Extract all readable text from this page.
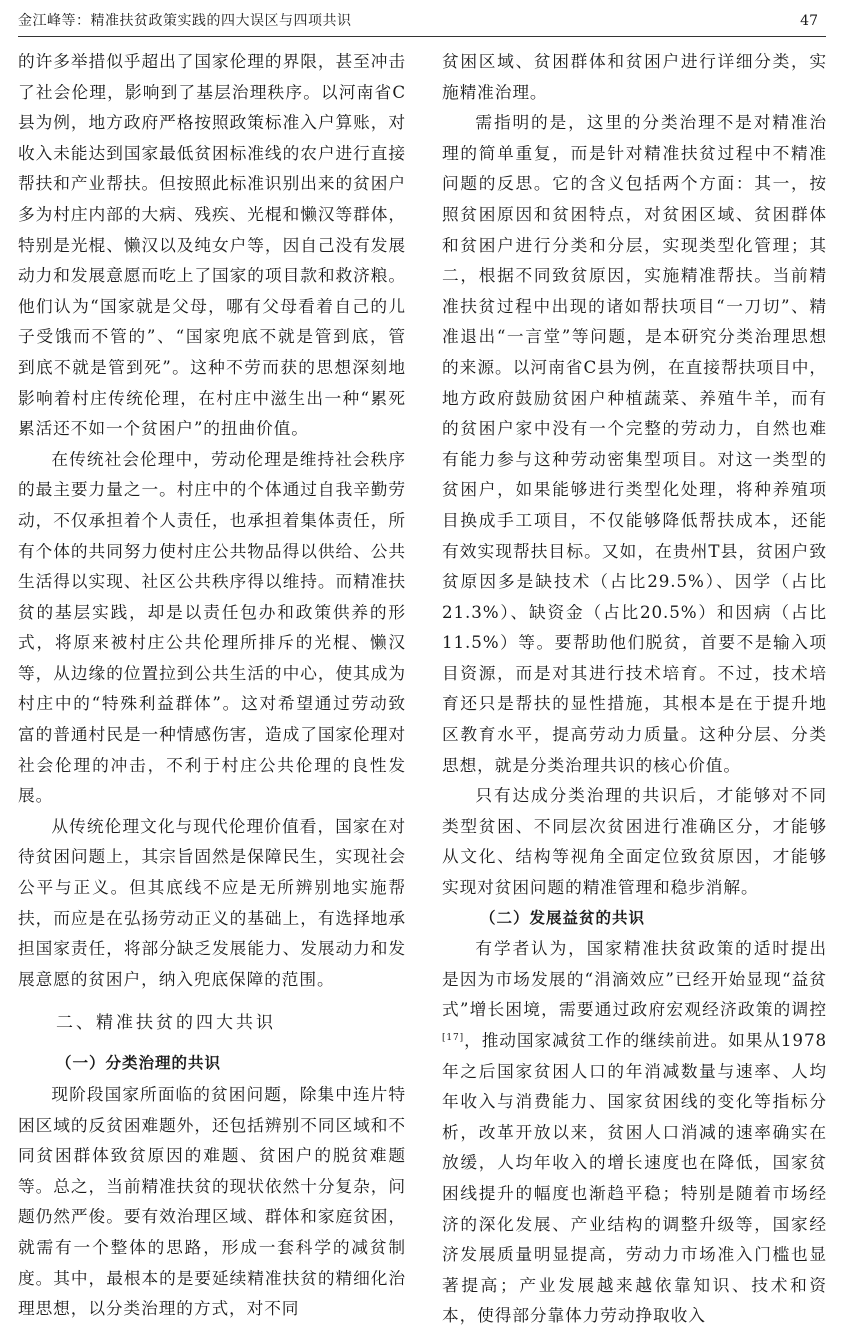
金江峰等：精准扶贫政策实践的四大误区与四项共识	47

的许多举措似乎超出了国家伦理的界限，甚至冲击了社会伦理，影响到了基层治理秩序。以河南省C县为例，地方政府严格按照政策标准入户算账，对收入未能达到国家最低贫困标准线的农户进行直接帮扶和产业帮扶。但按照此标准识别出来的贫困户多为村庄内部的大病、残疾、光棍和懒汉等群体，特别是光棍、懒汉以及纯女户等，因自己没有发展动力和发展意愿而吃上了国家的项目款和救济粮。他们认为“国家就是父母，哪有父母看着自己的儿子受饿而不管的”、“国家兜底不就是管到底，管到底不就是管到死”。这种不劳而获的思想深刻地影响着村庄传统伦理，在村庄中滋生出一种“累死累活还不如一个贫困户”的扭曲价值。

在传统社会伦理中，劳动伦理是维持社会秩序的最主要力量之一。村庄中的个体通过自我辛勤劳动，不仅承担着个人责任，也承担着集体责任，所有个体的共同努力使村庄公共物品得以供给、公共生活得以实现、社区公共秩序得以维持。而精准扶贫的基层实践，却是以责任包办和政策供养的形式，将原来被村庄公共伦理所排斥的光棍、懒汉等，从边缘的位置拉到公共生活的中心，使其成为村庄中的“特殊利益群体”。这对希望通过劳动致富的普通村民是一种情感伤害，造成了国家伦理对社会伦理的冲击，不利于村庄公共伦理的良性发展。

从传统伦理文化与现代伦理价值看，国家在对待贫困问题上，其宗旨固然是保障民生，实现社会公平与正义。但其底线不应是无所辨别地实施帮扶，而应是在弘扬劳动正义的基础上，有选择地承担国家责任，将部分缺乏发展能力、发展动力和发展意愿的贫困户，纳入兜底保障的范围。

二、精准扶贫的四大共识
（一）分类治理的共识

现阶段国家所面临的贫困问题，除集中连片特困区域的反贫困难题外，还包括辨别不同区域和不同贫困群体致贫原因的难题、贫困户的脱贫难题等。总之，当前精准扶贫的现状依然十分复杂，问题仍然严俊。要有效治理区域、群体和家庭贫困，就需有一个整体的思路，形成一套科学的减贫制度。其中，最根本的是要延续精准扶贫的精细化治理思想，以分类治理的方式，对不同

贫困区域、贫困群体和贫困户进行详细分类，实施精准治理。

需指明的是，这里的分类治理不是对精准治理的简单重复，而是针对精准扶贫过程中不精准问题的反思。它的含义包括两个方面：其一，按照贫困原因和贫困特点，对贫困区域、贫困群体和贫困户进行分类和分层，实现类型化管理；其二，根据不同致贫原因，实施精准帮扶。当前精准扶贫过程中出现的诸如帮扶项目“一刀切”、精准退出“一言堂”等问题，是本研究分类治理思想的来源。以河南省C县为例，在直接帮扶项目中，地方政府鼓励贫困户种植蔬菜、养殖牛羊，而有的贫困户家中没有一个完整的劳动力，自然也难有能力参与这种劳动密集型项目。对这一类型的贫困户，如果能够进行类型化处理，将种养殖项目换成手工项目，不仅能够降低帮扶成本，还能有效实现帮扶目标。又如，在贵州T县，贫困户致贫原因多是缺技术（占比29.5%）、因学（占比21.3%）、缺资金（占比20.5%）和因病（占比11.5%）等。要帮助他们脱贫，首要不是输入项目资源，而是对其进行技术培育。不过，技术培育还只是帮扶的显性措施，其根本是在于提升地区教育水平，提高劳动力质量。这种分层、分类思想，就是分类治理共识的核心价值。

只有达成分类治理的共识后，才能够对不同类型贫困、不同层次贫困进行准确区分，才能够从文化、结构等视角全面定位致贫原因，才能够实现对贫困问题的精准管理和稳步消解。

（二）发展益贫的共识

有学者认为，国家精准扶贫政策的适时提出是因为市场发展的“涓滴效应”已经开始显现“益贫式”增长困境，需要通过政府宏观经济政策的调控[17]，推动国家减贫工作的继续前进。如果从1978年之后国家贫困人口的年消减数量与速率、人均年收入与消费能力、国家贫困线的变化等指标分析，改革开放以来，贫困人口消减的速率确实在放缓，人均年收入的增长速度也在降低，国家贫困线提升的幅度也渐趋平稳；特别是随着市场经济的深化发展、产业结构的调整升级等，国家经济发展质量明显提高，劳动力市场准入门槛也显著提高；产业发展越来越依靠知识、技术和资本，使得部分靠体力劳动挣取收入
